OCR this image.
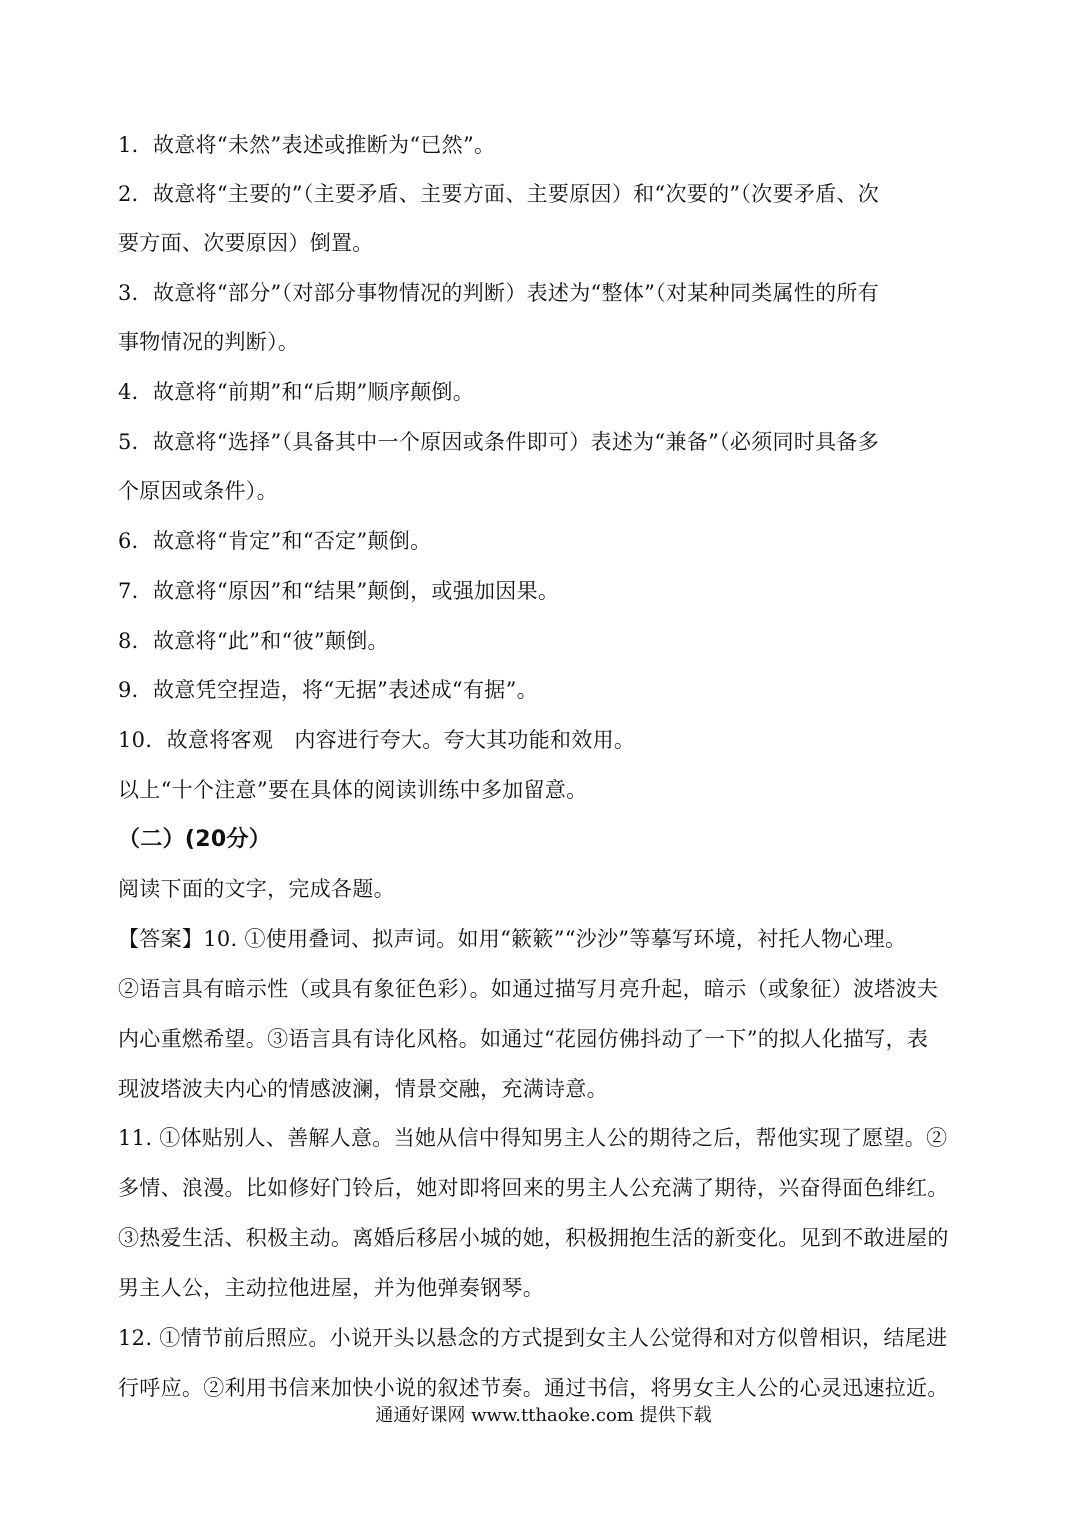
1．故意将“未然”表述或推断为“已然”。
2．故意将“主要的”（主要矛盾、主要方面、主要原因）和“次要的”（次要矛盾、次
要方面、次要原因）倒置。
3．故意将“部分”（对部分事物情况的判断）表述为“整体”（对某种同类属性的所有
事物情况的判断）。
4．故意将“前期”和“后期”顺序颠倒。
5．故意将“选择”（具备其中一个原因或条件即可）表述为“兼备”（必须同时具备多
个原因或条件）。
6．故意将“肯定”和“否定”颠倒。
7．故意将“原因”和“结果”颠倒，或强加因果。
8．故意将“此”和“彼”颠倒。
9．故意凭空捏造，将“无据”表述成“有据”。
10．故意将客观　内容进行夸大。夸大其功能和效用。
以上“十个注意”要在具体的阅读训练中多加留意。
（二）(20分）
阅读下面的文字，完成各题。
【答案】10. ①使用叠词、拟声词。如用“簌簌”“沙沙”等摹写环境，衬托人物心理。
②语言具有暗示性（或具有象征色彩）。如通过描写月亮升起，暗示（或象征）波塔波夫
内心重燃希望。③语言具有诗化风格。如通过“花园仿佛抖动了一下”的拟人化描写，表
现波塔波夫内心的情感波澜，情景交融，充满诗意。
11. ①体贴别人、善解人意。当她从信中得知男主人公的期待之后，帮他实现了愿望。②
多情、浪漫。比如修好门铃后，她对即将回来的男主人公充满了期待，兴奋得面色绯红。
③热爱生活、积极主动。离婚后移居小城的她，积极拥抱生活的新变化。见到不敢进屋的
男主人公，主动拉他进屋，并为他弹奏钢琴。
12. ①情节前后照应。小说开头以悬念的方式提到女主人公觉得和对方似曾相识，结尾进
行呼应。②利用书信来加快小说的叙述节奏。通过书信，将男女主人公的心灵迅速拉近。
通通好课网 www.tthaoke.com 提供下载
